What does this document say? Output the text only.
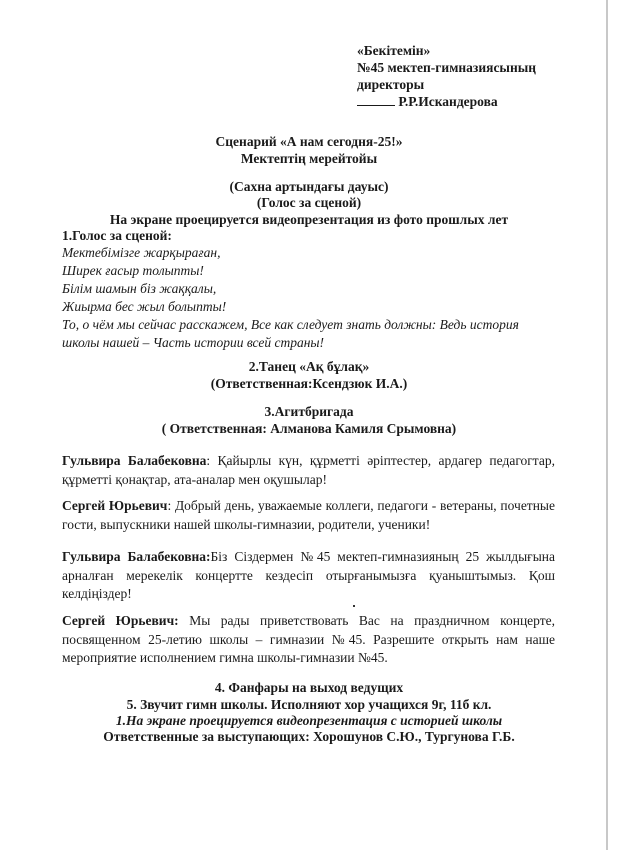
«Бекітемін»
№45 мектеп-гимназиясының
директоры
Р.Р.Искандерова
Сценарий «А нам сегодня-25!»
Мектептің мерейтойы
(Сахна артындағы дауыс)
(Голос за сценой)
На экране проецируется видеопрезентация из фото прошлых лет
1.Голос за сценой:
Мектебімізге жарқыраған,
Ширек ғасыр толыпты!
Білім шамын біз жаққалы,
Жиырма бес жыл болыпты!
То, о чём мы сейчас расскажем, Все как следует знать должны: Ведь история
школы нашей – Часть истории всей страны!
2.Танец «Ақ бұлақ»
(Ответственная:Ксендзюк И.А.)
3.Агитбригада
( Ответственная: Алманова Камиля Срымовна)
Гульвира Балабековна: Қайырлы күн, құрметті әріптестер, ардагер педагогтар, құрметті қонақтар, ата-аналар мен оқушылар!
Сергей Юрьевич: Добрый день, уважаемые коллеги, педагоги - ветераны, почетные гости, выпускники нашей школы-гимназии, родители, ученики!
Гульвира Балабековна:Біз Сіздермен №45 мектеп-гимназияның 25 жылдығына арналған мерекелік концертте кездесіп отырғанымызға қуаныштымыз. Қош келдіңіздер!
Сергей Юрьевич: Мы рады приветствовать Вас на праздничном концерте, посвященном 25-летию школы – гимназии №45. Разрешите открыть нам наше мероприятие исполнением гимна школы-гимназии №45.
4. Фанфары на выход ведущих
5. Звучит гимн школы. Исполняют хор учащихся 9г, 11б кл.
1.На экране проецируется видеопрезентация с историей школы
Ответственные за выступающих: Хорошунов С.Ю., Тургунова Г.Б.
